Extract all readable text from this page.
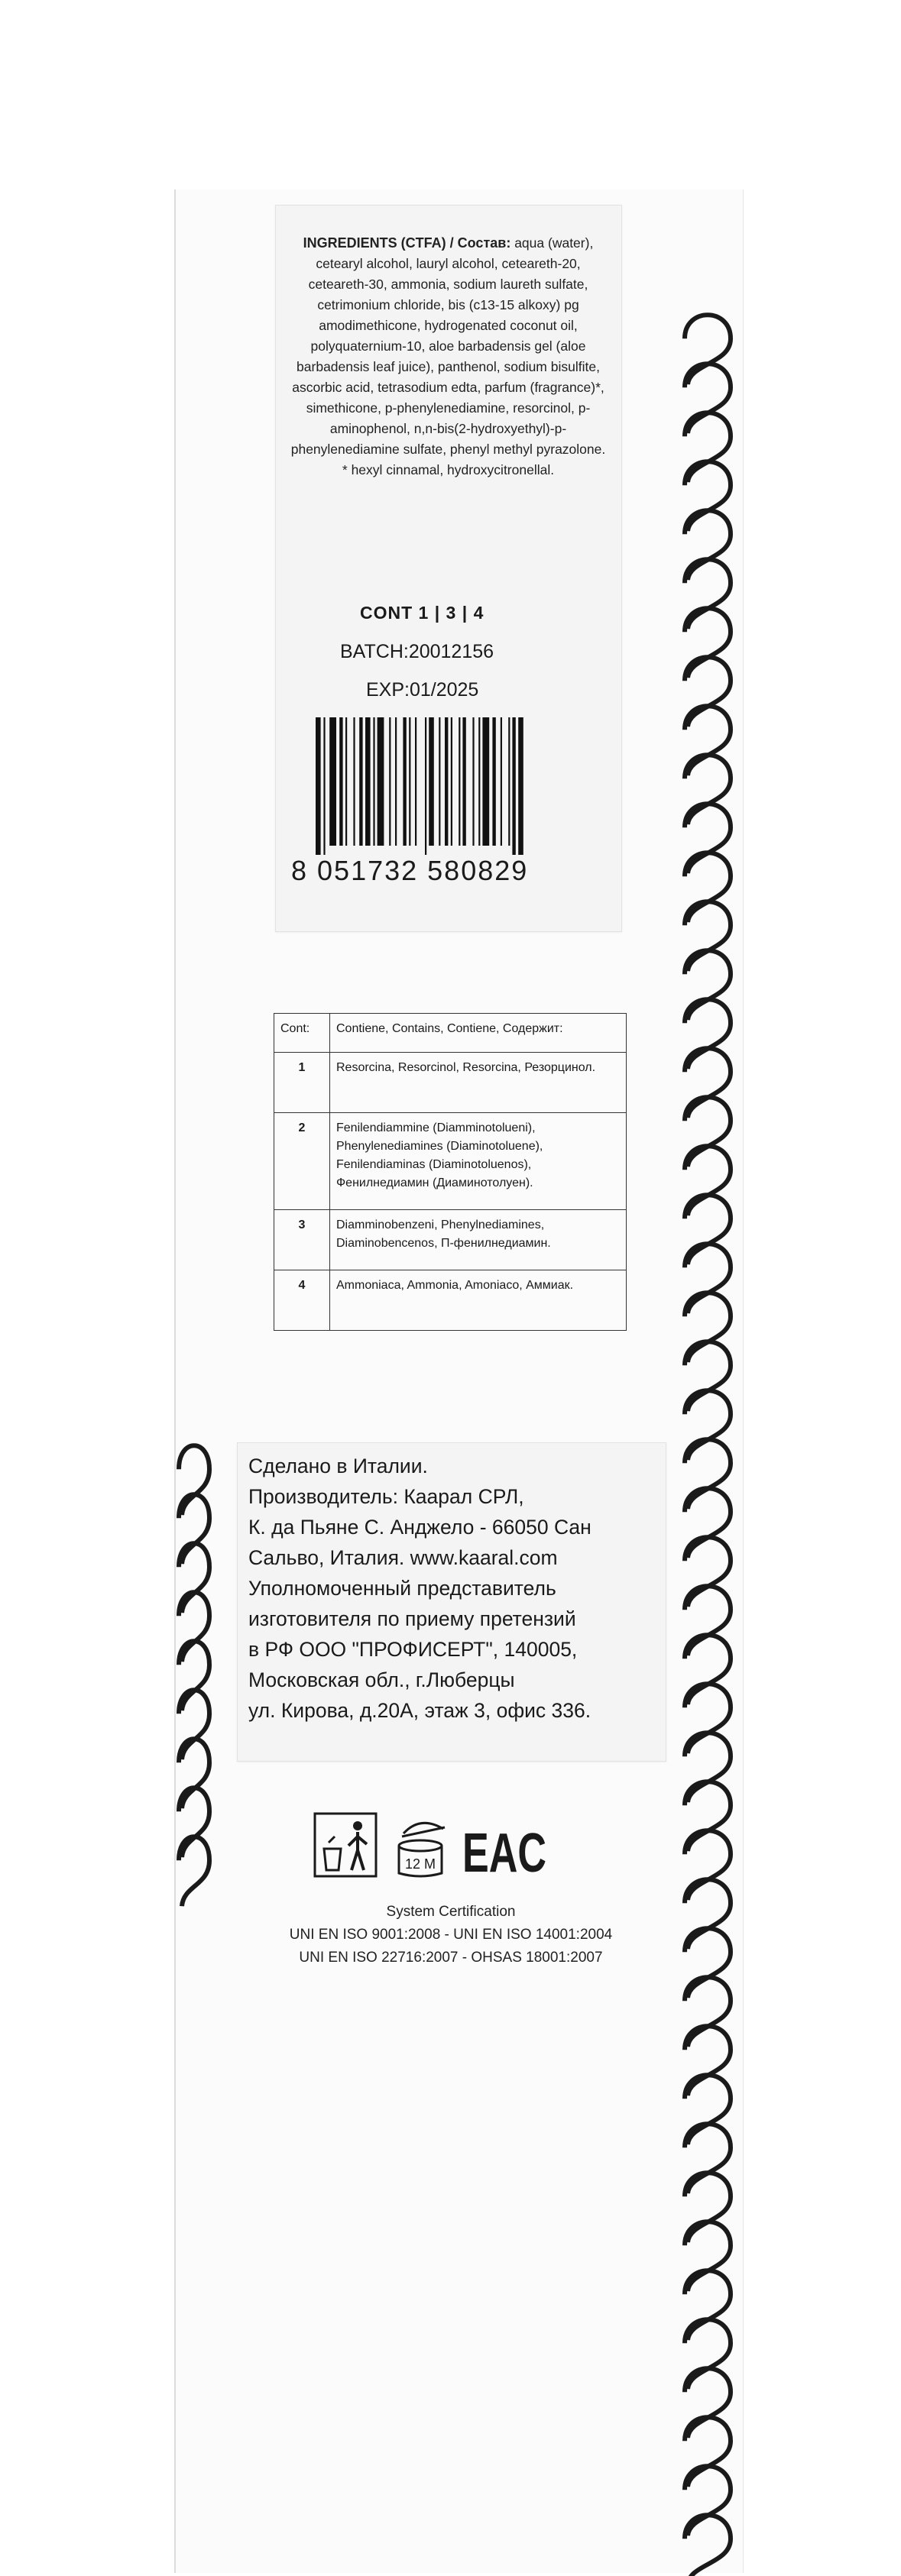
INGREDIENTS (CTFA) / Состав: aqua (water), cetearyl alcohol, lauryl alcohol, ceteareth-20, ceteareth-30, ammonia, sodium laureth sulfate, cetrimonium chloride, bis (c13-15 alkoxy) pg amodimethicone, hydrogenated coconut oil, polyquaternium-10, aloe barbadensis gel (aloe barbadensis leaf juice), panthenol, sodium bisulfite, ascorbic acid, tetrasodium edta, parfum (fragrance)*, simethicone, p-phenylenediamine, resorcinol, p-aminophenol, n,n-bis(2-hydroxyethyl)-p-phenylenediamine sulfate, phenyl methyl pyrazolone.
* hexyl cinnamal, hydroxycitronellal.
CONT 1 | 3 | 4
BATCH:20012156
EXP:01/2025
8 051732 580829
Cont:	Contiene, Contains, Contiene, Содержит:
1	Resorcina, Resorcinol, Resorcina, Резорцинол.
2	Fenilendiammine (Diamminotolueni), Phenylenediamines (Diaminotoluene), Fenilendiaminas (Diaminotoluenos), Фенилнедиамин (Диаминотолуен).
3	Diamminobenzeni, Phenylnediamines, Diaminobencenos, П-фенилнедиамин.
4	Ammoniaca, Ammonia, Amoniaco, Аммиак.
Сделано в Италии.
Производитель: Каарал СРЛ,
К. да Пьяне С. Анджело - 66050 Сан
Сальво, Италия. www.kaaral.com
Уполномоченный представитель
изготовителя по приему претензий
в РФ ООО "ПРОФИСЕРТ", 140005,
Московская обл., г.Люберцы
ул. Кирова, д.20А, этаж 3, офис 336.
12 M EAC
System Certification
UNI EN ISO 9001:2008 - UNI EN ISO 14001:2004
UNI EN ISO 22716:2007 - OHSAS 18001:2007
